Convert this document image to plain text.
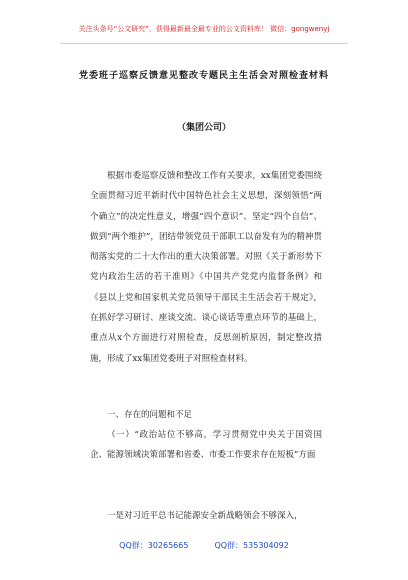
关注头条号“公文研究”，获得最新最全最专业的公文资料库！ 微信：gongwenyj
党委班子巡察反馈意见整改专题民主生活会对照检查材料
（集团公司）

根据市委巡察反馈和整改工作有关要求，xx集团党委围绕全面贯彻习近平新时代中国特色社会主义思想，深刻领悟“两个确立”的决定性意义，增强“四个意识”、坚定“四个自信”、做到“两个维护”，团结带领党员干部职工以奋发有为的精神贯彻落实党的二十大作出的重大决策部署。对照《关于新形势下党内政治生活的若干准则》《中国共产党党内监督条例》和《县以上党和国家机关党员领导干部民主生活会若干规定》，在抓好学习研讨、座谈交流、谈心谈话等重点环节的基础上，重点从x个方面进行对照检查，反思剖析原因，制定整改措施，形成了xx集团党委班子对照检查材料。

一、存在的问题和不足

（一）“政治站位不够高，学习贯彻党中央关于国资国企、能源领域决策部署和省委、市委工作要求存在短板”方面

一是对习近平总书记能源安全新战略领会不够深入，

QQ群：30265665	QQ群：535304092
